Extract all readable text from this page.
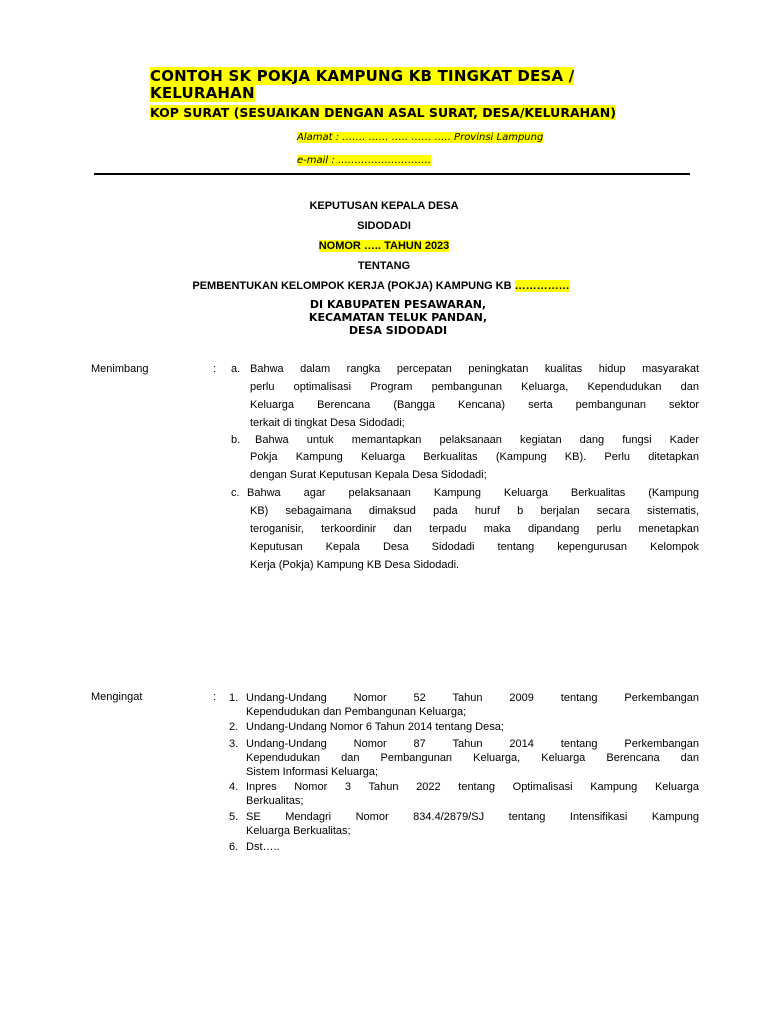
CONTOH SK POKJA KAMPUNG KB TINGKAT DESA / KELURAHAN
KOP SURAT (SESUAIKAN DENGAN ASAL SURAT, DESA/KELURAHAN)
Alamat : ……. …… ….. …… ….. Provinsi Lampung
e-mail : ……………………….
KEPUTUSAN KEPALA DESA
SIDODADI
NOMOR ….. TAHUN 2023
TENTANG
PEMBENTUKAN KELOMPOK KERJA (POKJA) KAMPUNG KB ……………
DI KABUPATEN PESAWARAN,
KECAMATAN TELUK PANDAN,
DESA SIDODADI
Menimbang	: a. Bahwa dalam rangka percepatan peningkatan kualitas hidup masyarakat
perlu optimalisasi Program pembangunan Keluarga, Kependudukan dan
Keluarga Berencana (Bangga Kencana) serta pembangunan sektor
terkait di tingkat Desa Sidodadi;
b. Bahwa untuk memantapkan pelaksanaan kegiatan dang fungsi Kader
Pokja Kampung Keluarga Berkualitas (Kampung KB). Perlu ditetapkan
dengan Surat Keputusan Kepala Desa Sidodadi;
c. Bahwa agar pelaksanaan Kampung Keluarga Berkualitas (Kampung
KB) sebagaimana dimaksud pada huruf b berjalan secara sistematis,
teroganisir, terkoordinir dan terpadu maka dipandang perlu menetapkan
Keputusan Kepala Desa Sidodadi tentang kepengurusan Kelompok
Kerja (Pokja) Kampung KB Desa Sidodadi.
Mengingat	: 1. Undang-Undang Nomor 52 Tahun 2009 tentang Perkembangan
Kependudukan dan Pembangunan Keluarga;
2. Undang-Undang Nomor 6 Tahun 2014 tentang Desa;
3. Undang-Undang Nomor 87 Tahun 2014 tentang Perkembangan
Kependudukan dan Pembangunan Keluarga, Keluarga Berencana dan
Sistem Informasi Keluarga;
4. Inpres Nomor 3 Tahun 2022 tentang Optimalisasi Kampung Keluarga
Berkualitas;
5. SE Mendagri Nomor 834.4/2879/SJ tentang Intensifikasi Kampung
Keluarga Berkualitas;
6. Dst…..
